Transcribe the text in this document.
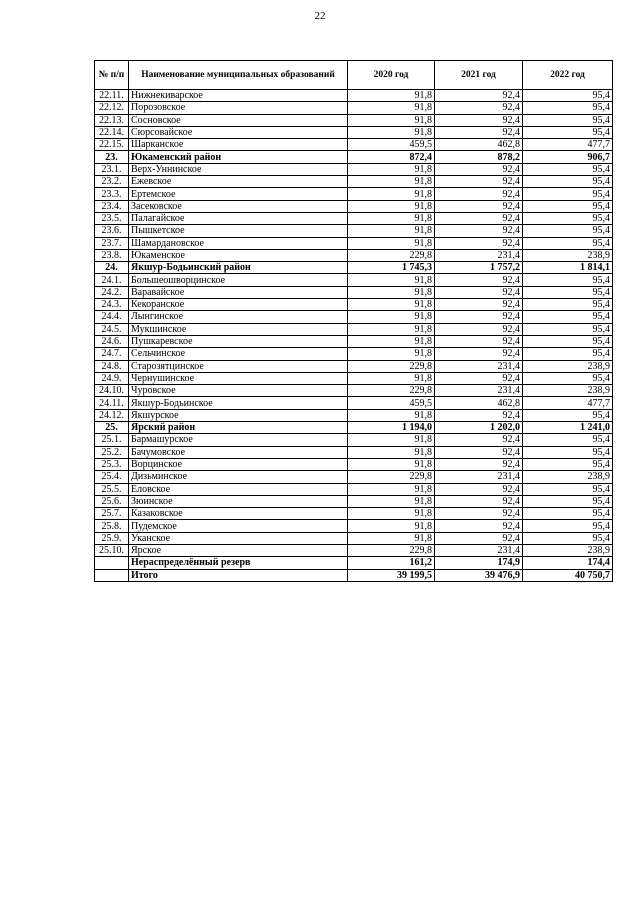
22
№ п/п	Наименование муниципальных образований	2020 год	2021 год	2022 год
22.11.	Нижнекиварское	91,8	92,4	95,4
22.12.	Порозовское	91,8	92,4	95,4
22.13.	Сосновское	91,8	92,4	95,4
22.14.	Сюрсовайское	91,8	92,4	95,4
22.15.	Шарканское	459,5	462,8	477,7
23.	Юкаменский район	872,4	878,2	906,7
23.1.	Верх-Уннинское	91,8	92,4	95,4
23.2.	Ежевское	91,8	92,4	95,4
23.3.	Ертемское	91,8	92,4	95,4
23.4.	Засековское	91,8	92,4	95,4
23.5.	Палагайское	91,8	92,4	95,4
23.6.	Пышкетское	91,8	92,4	95,4
23.7.	Шамардановское	91,8	92,4	95,4
23.8.	Юкаменское	229,8	231,4	238,9
24.	Якшур-Бодьинский район	1 745,3	1 757,2	1 814,1
24.1.	Большеошворцинское	91,8	92,4	95,4
24.2.	Варавайское	91,8	92,4	95,4
24.3.	Кекоранское	91,8	92,4	95,4
24.4.	Лынгинское	91,8	92,4	95,4
24.5.	Мукшинское	91,8	92,4	95,4
24.6.	Пушкаревское	91,8	92,4	95,4
24.7.	Сельчинское	91,8	92,4	95,4
24.8.	Старозятцинское	229,8	231,4	238,9
24.9.	Чернушинское	91,8	92,4	95,4
24.10.	Чуровское	229,8	231,4	238,9
24.11.	Якшур-Бодьинское	459,5	462,8	477,7
24.12.	Якшурское	91,8	92,4	95,4
25.	Ярский район	1 194,0	1 202,0	1 241,0
25.1.	Бармашурское	91,8	92,4	95,4
25.2.	Бачумовское	91,8	92,4	95,4
25.3.	Ворцинское	91,8	92,4	95,4
25.4.	Дизьминское	229,8	231,4	238,9
25.5.	Еловское	91,8	92,4	95,4
25.6.	Зюинское	91,8	92,4	95,4
25.7.	Казаковское	91,8	92,4	95,4
25.8.	Пудемское	91,8	92,4	95,4
25.9.	Уканское	91,8	92,4	95,4
25.10.	Ярское	229,8	231,4	238,9
	Нераспределённый резерв	161,2	174,9	174,4
	Итого	39 199,5	39 476,9	40 750,7
